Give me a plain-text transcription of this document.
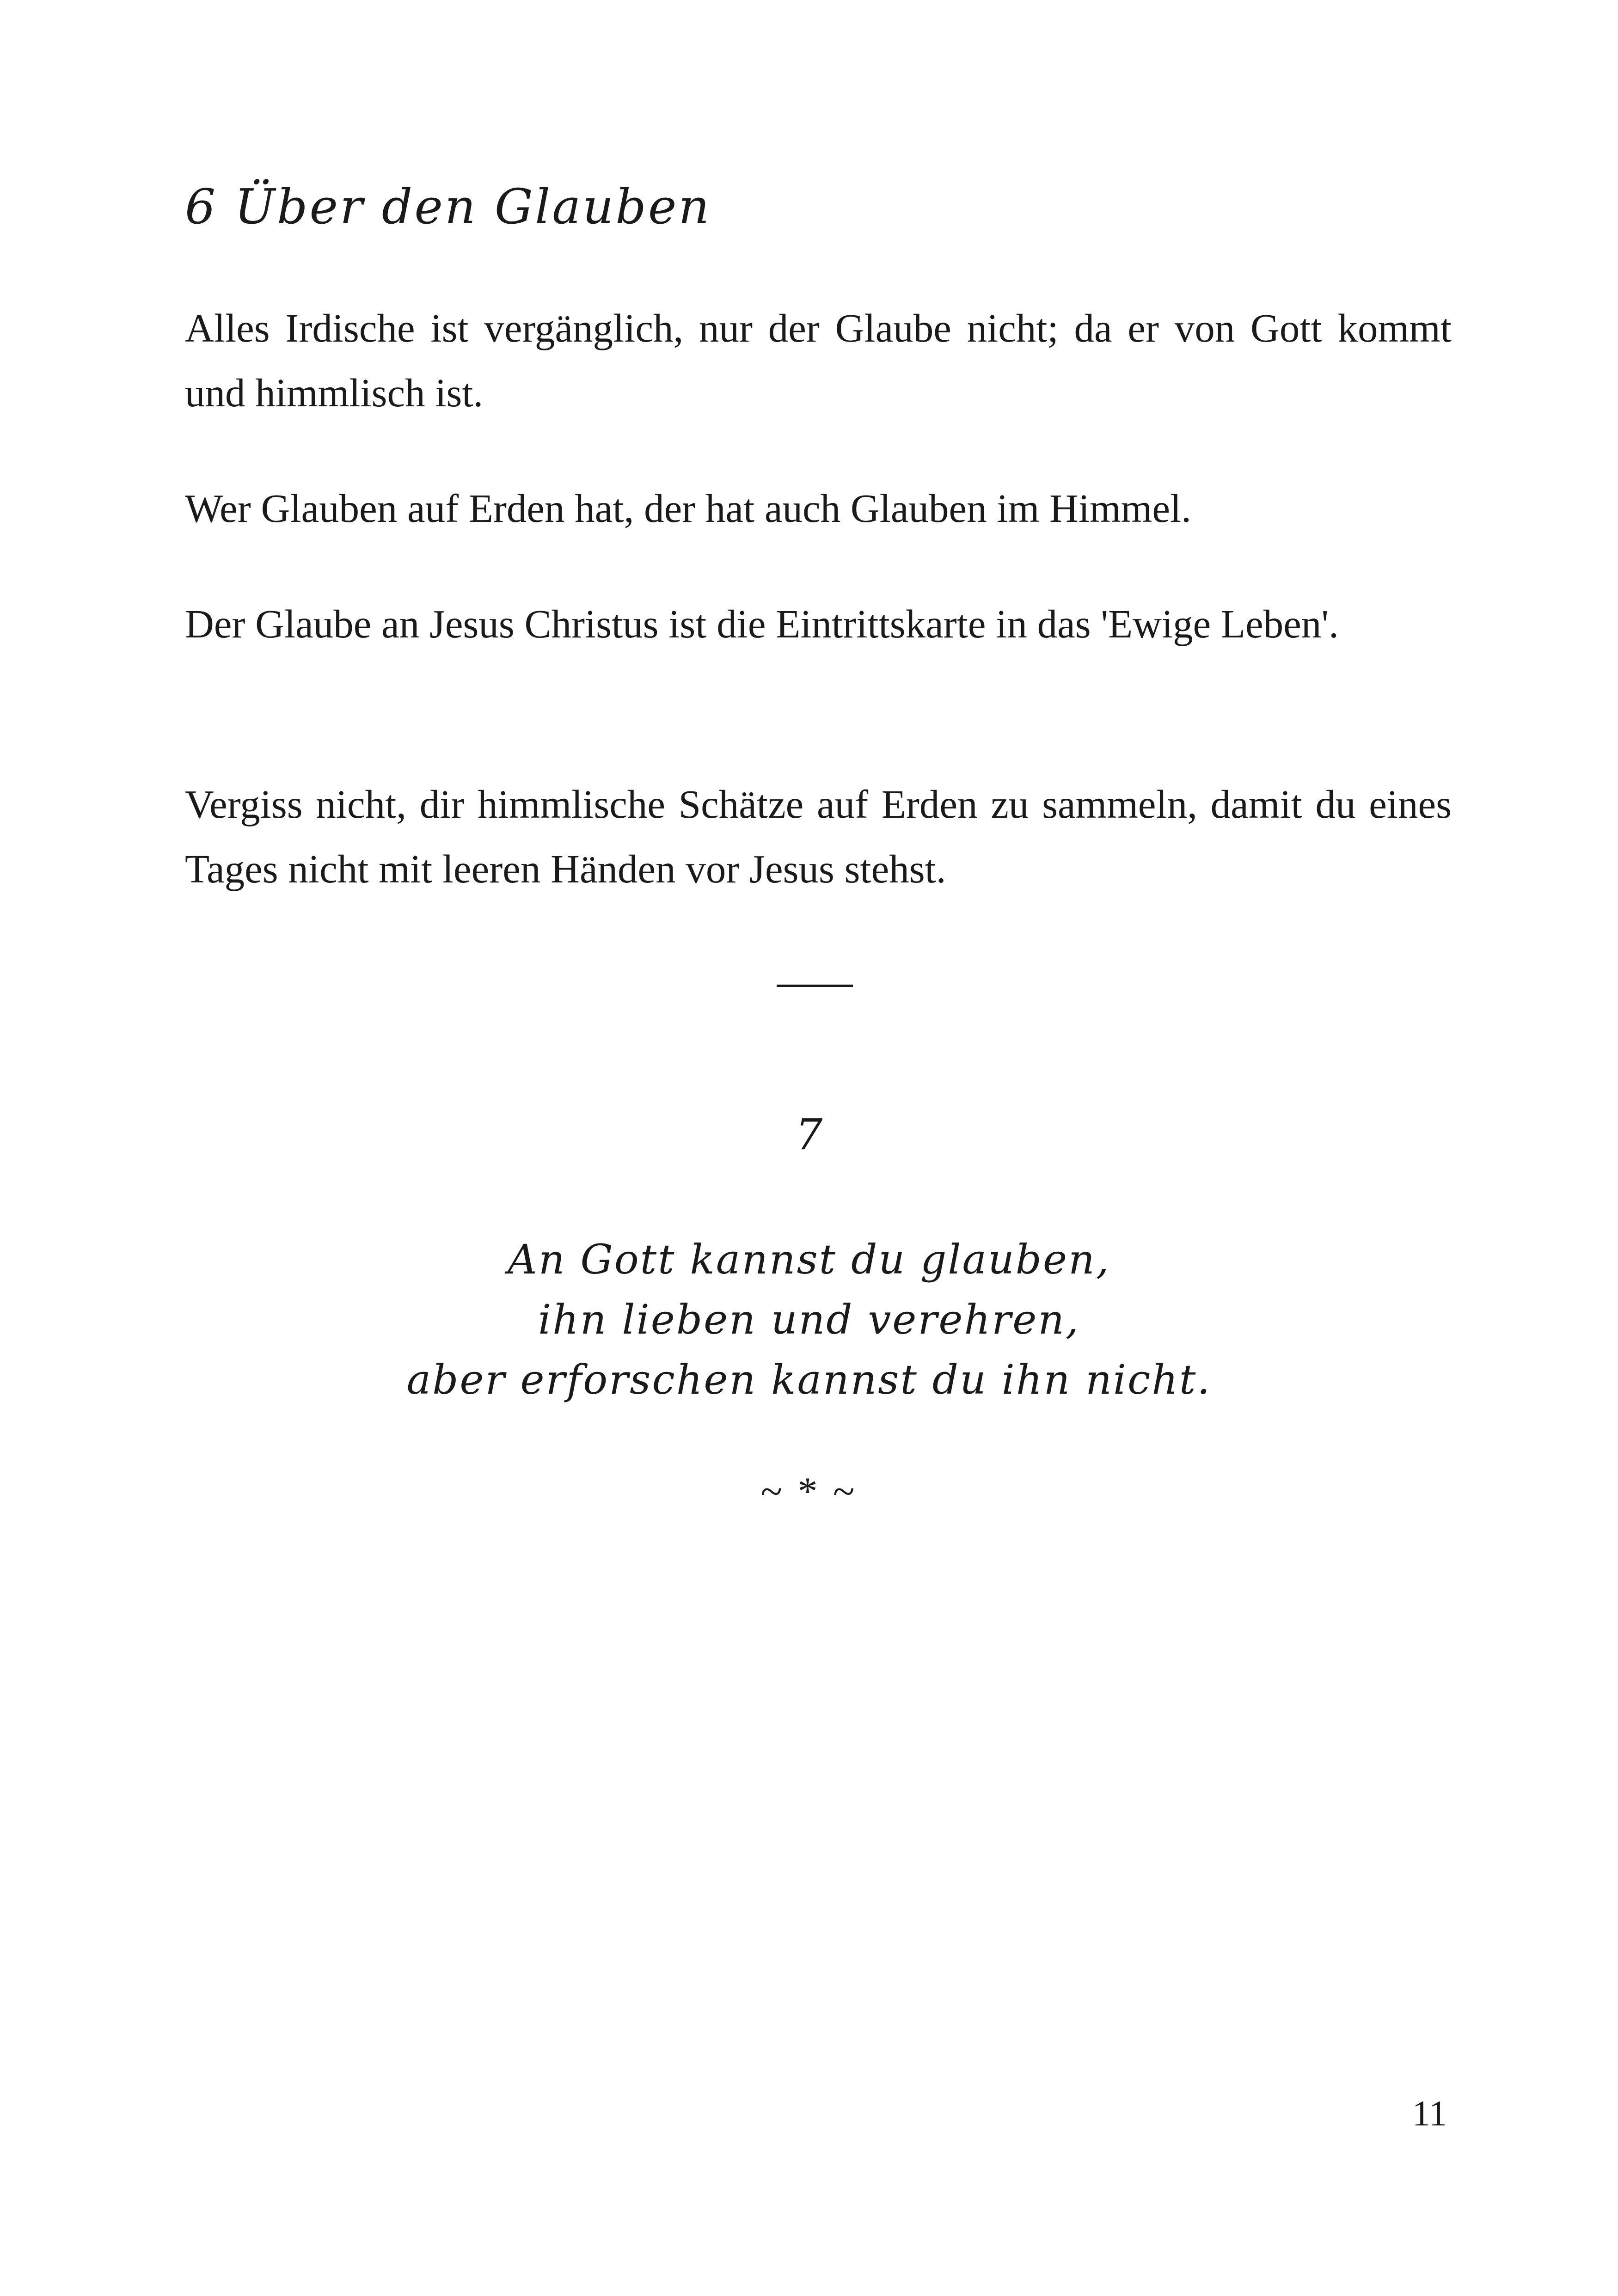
6 Über den Glauben

Alles Irdische ist vergänglich, nur der Glaube nicht; da er von Gott kommt und himmlisch ist.

Wer Glauben auf Erden hat, der hat auch Glauben im Himmel.

Der Glaube an Jesus Christus ist die Eintrittskarte in das 'Ewige Leben'.

Vergiss nicht, dir himmlische Schätze auf Erden zu sammeln, damit du eines Tages nicht mit leeren Händen vor Jesus stehst.

7

An Gott kannst du glauben,
ihn lieben und verehren,
aber erforschen kannst du ihn nicht.

~ * ~

11
